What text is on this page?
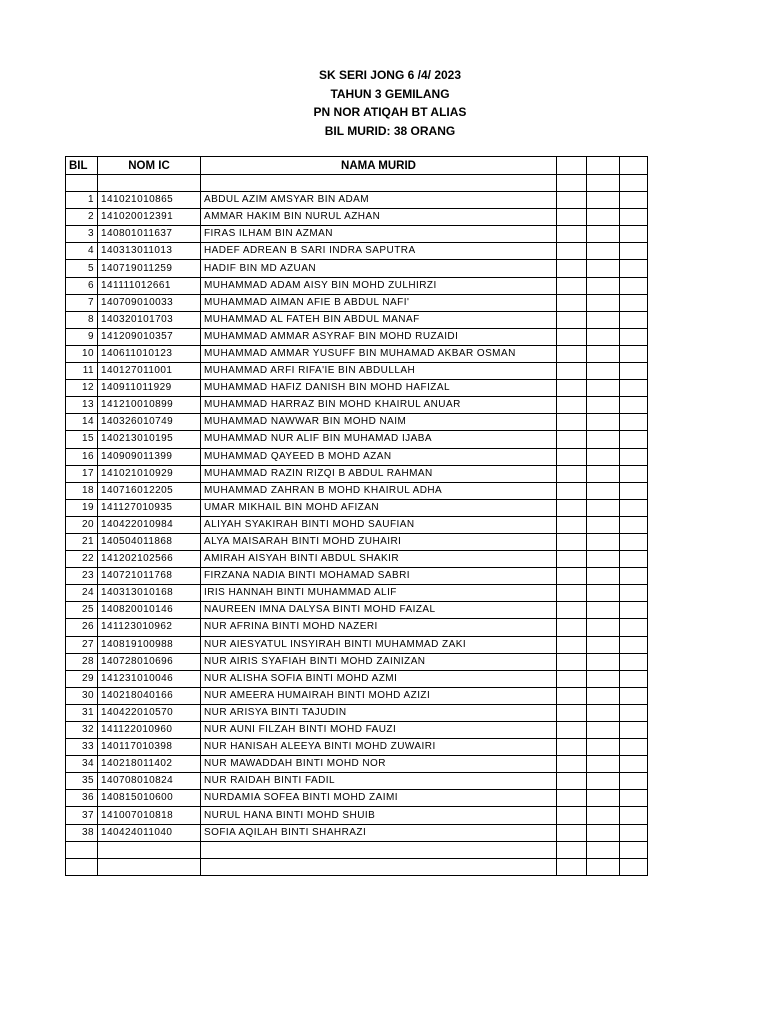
SK SERI JONG 6 /4/ 2023
TAHUN 3 GEMILANG
PN NOR ATIQAH BT ALIAS
BIL MURID: 38 ORANG
BIL	NOM IC	NAMA MURID			

1	141021010865	ABDUL AZIM AMSYAR BIN ADAM			
2	141020012391	AMMAR HAKIM BIN NURUL AZHAN			
3	140801011637	FIRAS ILHAM BIN AZMAN			
4	140313011013	HADEF ADREAN B SARI INDRA SAPUTRA			
5	140719011259	HADIF BIN MD AZUAN			
6	141111012661	MUHAMMAD ADAM AISY BIN MOHD ZULHIRZI			
7	140709010033	MUHAMMAD AIMAN AFIE B ABDUL NAFI'			
8	140320101703	MUHAMMAD AL FATEH BIN ABDUL MANAF			
9	141209010357	MUHAMMAD AMMAR ASYRAF BIN MOHD RUZAIDI			
10	140611010123	MUHAMMAD AMMAR YUSUFF BIN MUHAMAD AKBAR OSMAN			
11	140127011001	MUHAMMAD ARFI RIFA'IE BIN ABDULLAH			
12	140911011929	MUHAMMAD HAFIZ DANISH BIN MOHD HAFIZAL			
13	141210010899	MUHAMMAD HARRAZ BIN MOHD KHAIRUL ANUAR			
14	140326010749	MUHAMMAD NAWWAR BIN MOHD NAIM			
15	140213010195	MUHAMMAD NUR ALIF BIN MUHAMAD IJABA			
16	140909011399	MUHAMMAD QAYEED B MOHD AZAN			
17	141021010929	MUHAMMAD RAZIN RIZQI B ABDUL RAHMAN			
18	140716012205	MUHAMMAD ZAHRAN B MOHD KHAIRUL ADHA			
19	141127010935	UMAR MIKHAIL BIN MOHD AFIZAN			
20	140422010984	ALIYAH SYAKIRAH BINTI MOHD SAUFIAN			
21	140504011868	ALYA MAISARAH BINTI MOHD ZUHAIRI			
22	141202102566	AMIRAH AISYAH BINTI ABDUL SHAKIR			
23	140721011768	FIRZANA NADIA BINTI MOHAMAD SABRI			
24	140313010168	IRIS HANNAH BINTI MUHAMMAD ALIF			
25	140820010146	NAUREEN IMNA DALYSA BINTI MOHD FAIZAL			
26	141123010962	NUR AFRINA BINTI MOHD NAZERI			
27	140819100988	NUR AIESYATUL INSYIRAH BINTI MUHAMMAD ZAKI			
28	140728010696	NUR AIRIS SYAFIAH BINTI MOHD ZAINIZAN			
29	141231010046	NUR ALISHA SOFIA BINTI MOHD AZMI			
30	140218040166	NUR AMEERA HUMAIRAH BINTI MOHD AZIZI			
31	140422010570	NUR ARISYA BINTI TAJUDIN			
32	141122010960	NUR AUNI FILZAH BINTI MOHD FAUZI			
33	140117010398	NUR HANISAH ALEEYA BINTI MOHD ZUWAIRI			
34	140218011402	NUR MAWADDAH BINTI MOHD NOR			
35	140708010824	NUR RAIDAH BINTI FADIL			
36	140815010600	NURDAMIA SOFEA BINTI MOHD ZAIMI			
37	141007010818	NURUL HANA BINTI MOHD SHUIB			
38	140424011040	SOFIA AQILAH BINTI SHAHRAZI			
